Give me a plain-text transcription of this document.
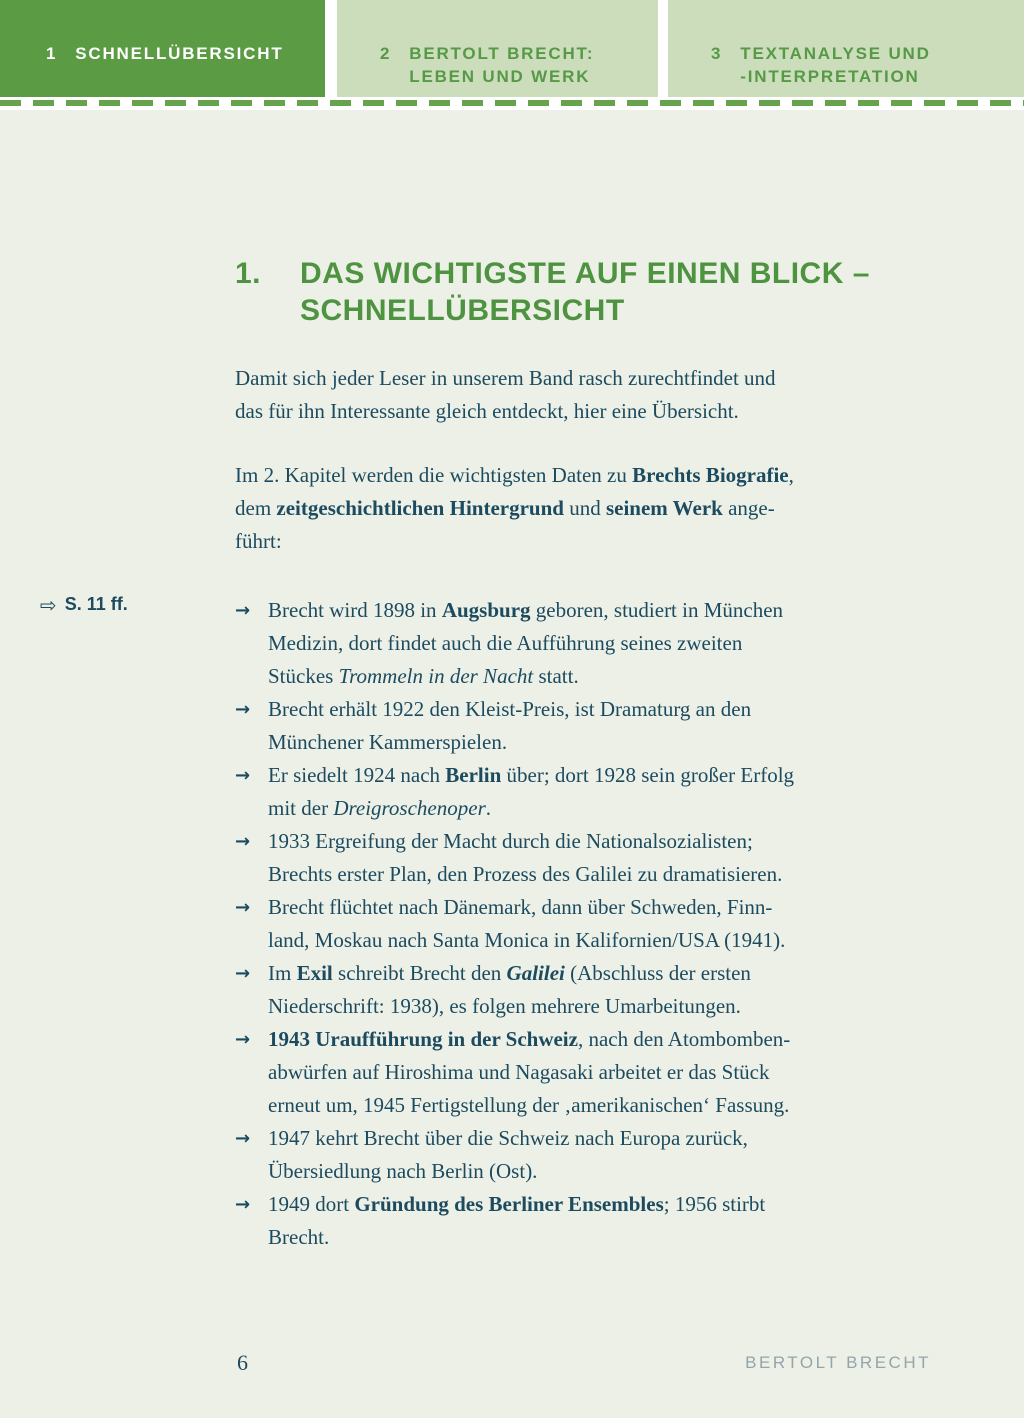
1 SCHNELLÜBERSICHT	2 BERTOLT BRECHT:
LEBEN UND WERK
3 TEXTANALYSE UND
-INTERPRETATION
⇨ S. 11 ff.
1.	DAS WICHTIGSTE AUF EINEN BLICK –
SCHNELLÜBERSICHT

Damit sich jeder Leser in unserem Band rasch zurechtfindet und
das für ihn Interessante gleich entdeckt, hier eine Übersicht.

Im 2. Kapitel werden die wichtigsten Daten zu Brechts Biografie,
dem zeitgeschichtlichen Hintergrund und seinem Werk ange-
führt:

→ Brecht wird 1898 in Augsburg geboren, studiert in München
Medizin, dort findet auch die Aufführung seines zweiten
Stückes Trommeln in der Nacht statt.
→ Brecht erhält 1922 den Kleist-Preis, ist Dramaturg an den
Münchener Kammerspielen.
→ Er siedelt 1924 nach Berlin über; dort 1928 sein großer Erfolg
mit der Dreigroschenoper.
→ 1933 Ergreifung der Macht durch die Nationalsozialisten;
Brechts erster Plan, den Prozess des Galilei zu dramatisieren.
→ Brecht flüchtet nach Dänemark, dann über Schweden, Finn-
land, Moskau nach Santa Monica in Kalifornien/USA (1941).
→ Im Exil schreibt Brecht den Galilei (Abschluss der ersten
Niederschrift: 1938), es folgen mehrere Umarbeitungen.
→ 1943 Uraufführung in der Schweiz, nach den Atombomben-
abwürfen auf Hiroshima und Nagasaki arbeitet er das Stück
erneut um, 1945 Fertigstellung der ‚amerikanischen‘ Fassung.
→ 1947 kehrt Brecht über die Schweiz nach Europa zurück,
Übersiedlung nach Berlin (Ost).
→ 1949 dort Gründung des Berliner Ensembles; 1956 stirbt
Brecht.
6	BERTOLT BRECHT
